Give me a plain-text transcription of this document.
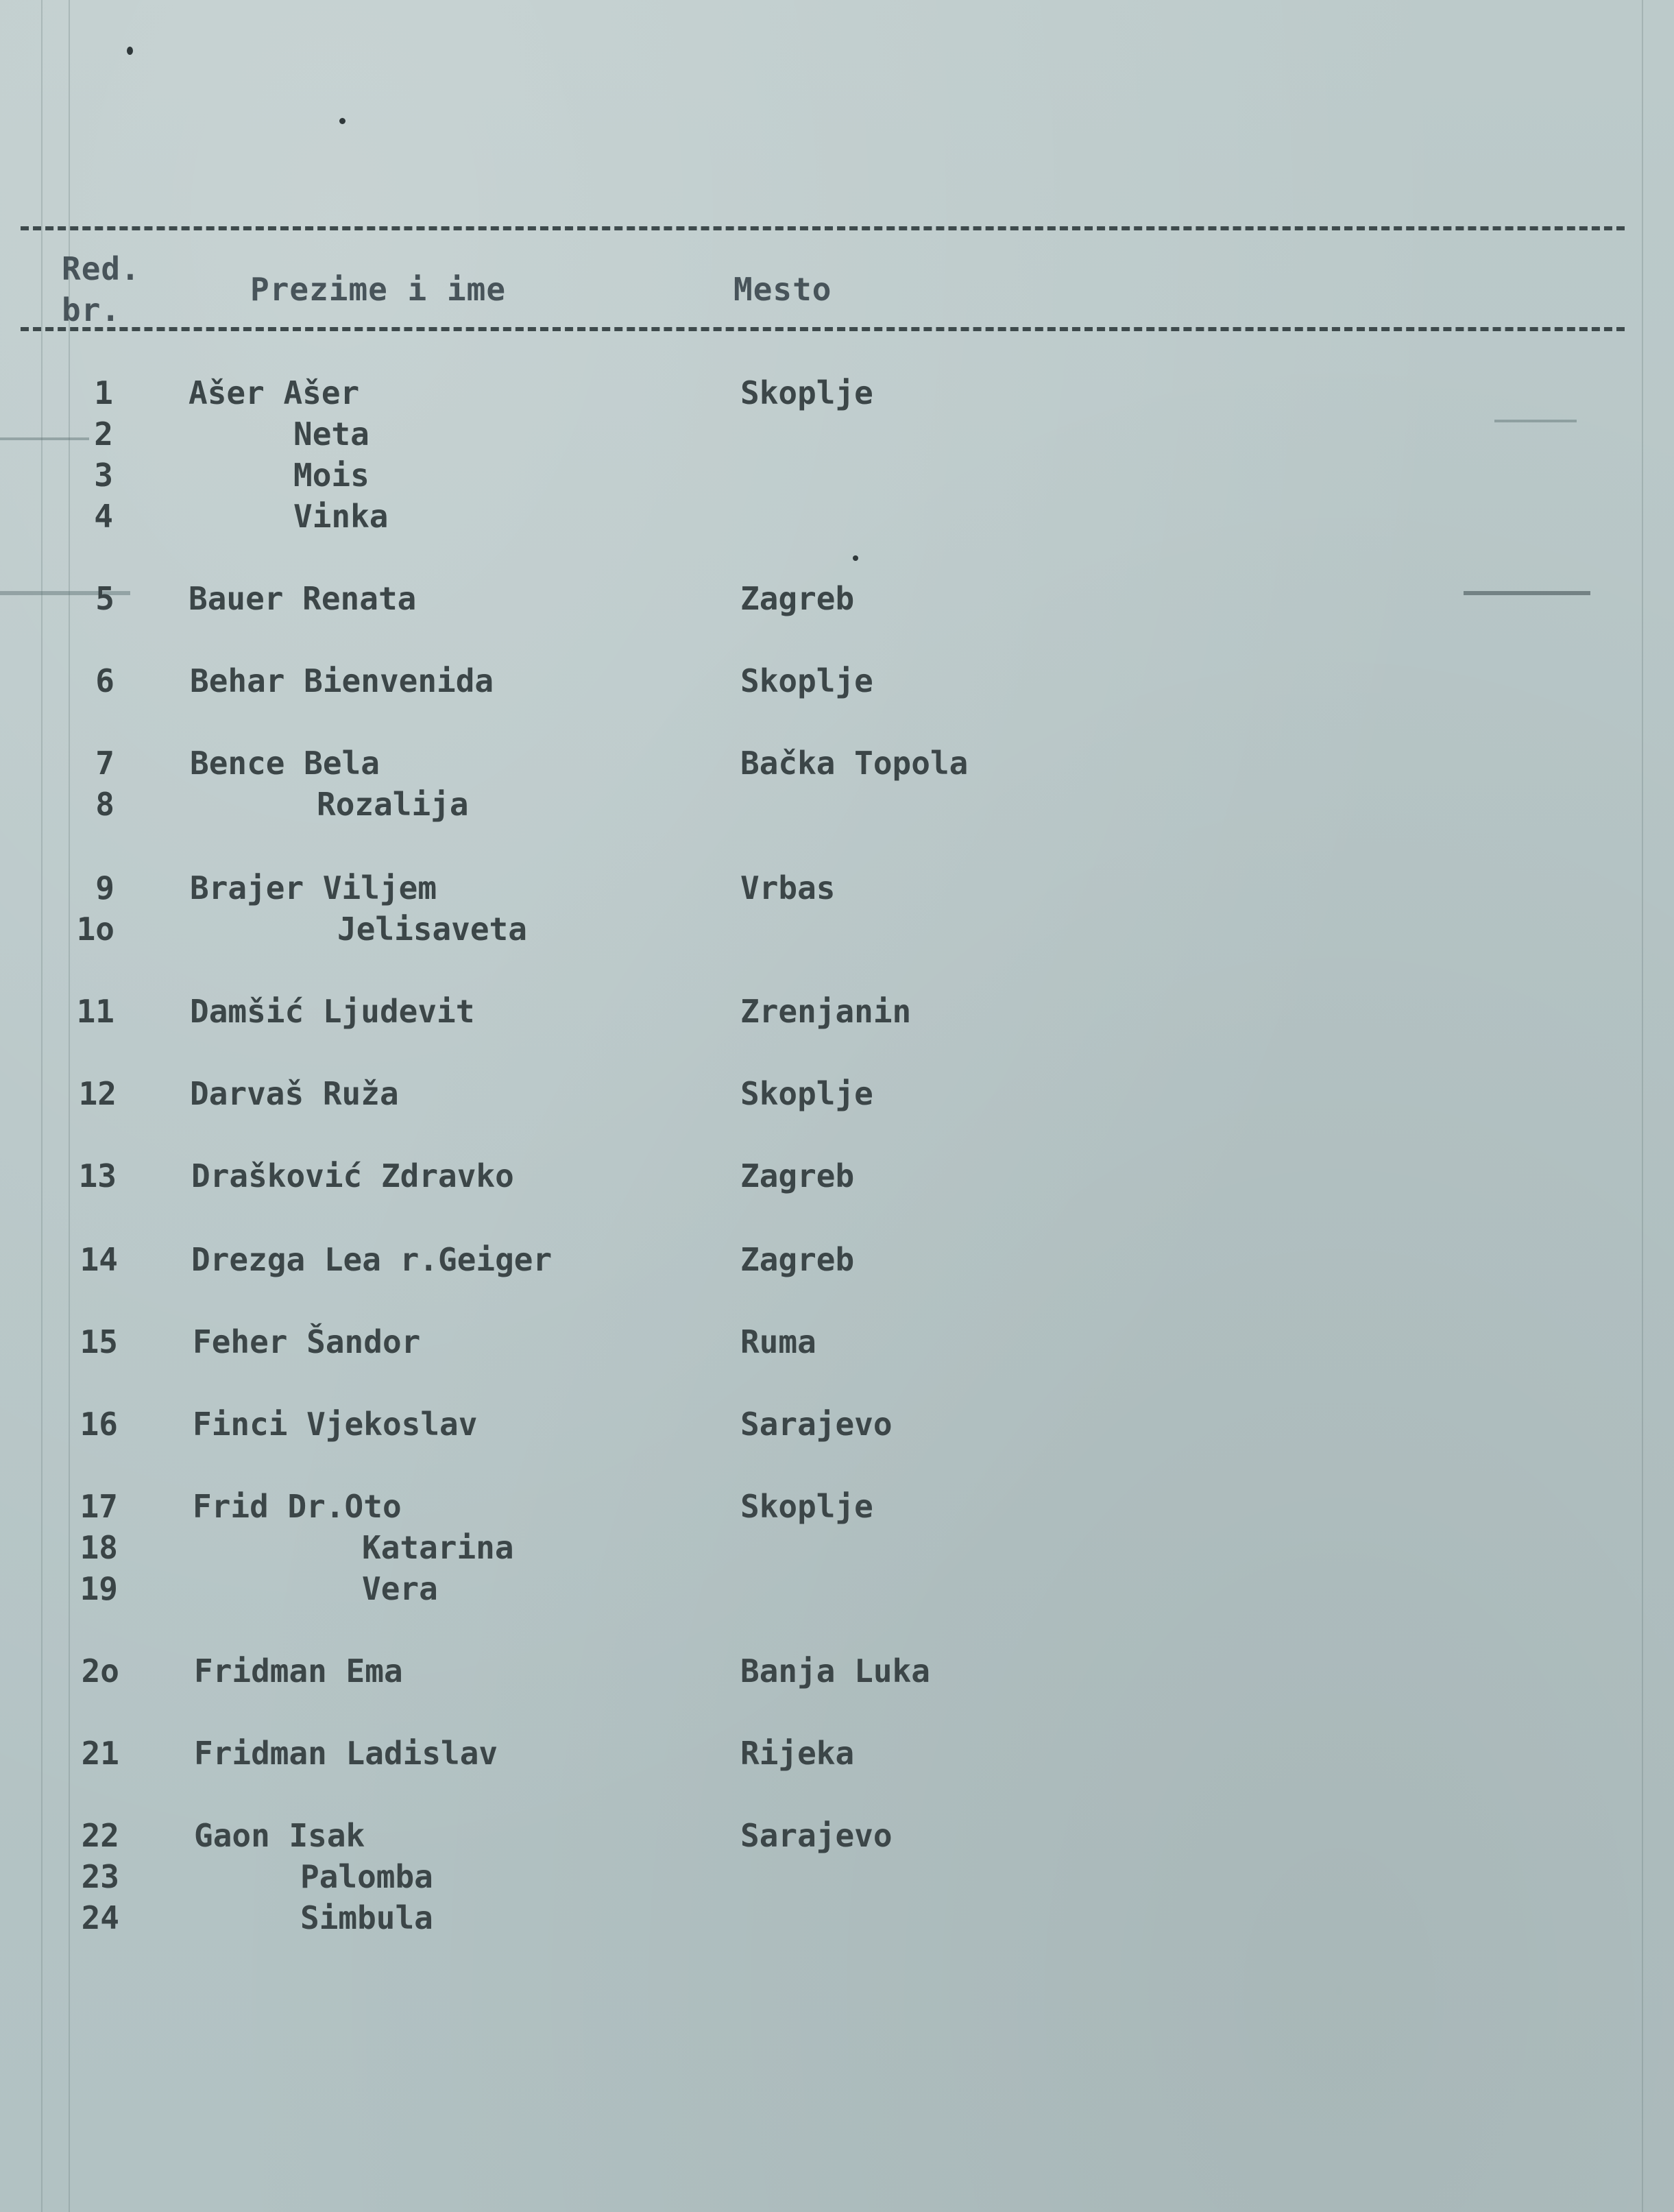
Red.
br.
Prezime i ime	Mesto
1 Ašer Ašer	Skoplje
2	Neta
3	Mois
4	Vinka
5 Bauer Renata	Zagreb
6 Behar Bienvenida	Skoplje
7 Bence Bela	Bačka Topola
8	Rozalija
9 Brajer Viljem	Vrbas
1o	Jelisaveta
11 Damšić Ljudevit	Zrenjanin
12 Darvaš Ruža	Skoplje
13 Drašković Zdravko	Zagreb
14 Drezga Lea r.Geiger	Zagreb
15 Feher Šandor	Ruma
16 Finci Vjekoslav	Sarajevo
17 Frid Dr.Oto	Skoplje
18	Katarina
19	Vera
2o Fridman Ema	Banja Luka
21 Fridman Ladislav	Rijeka
22 Gaon Isak	Sarajevo
23	Palomba
24	Simbula
